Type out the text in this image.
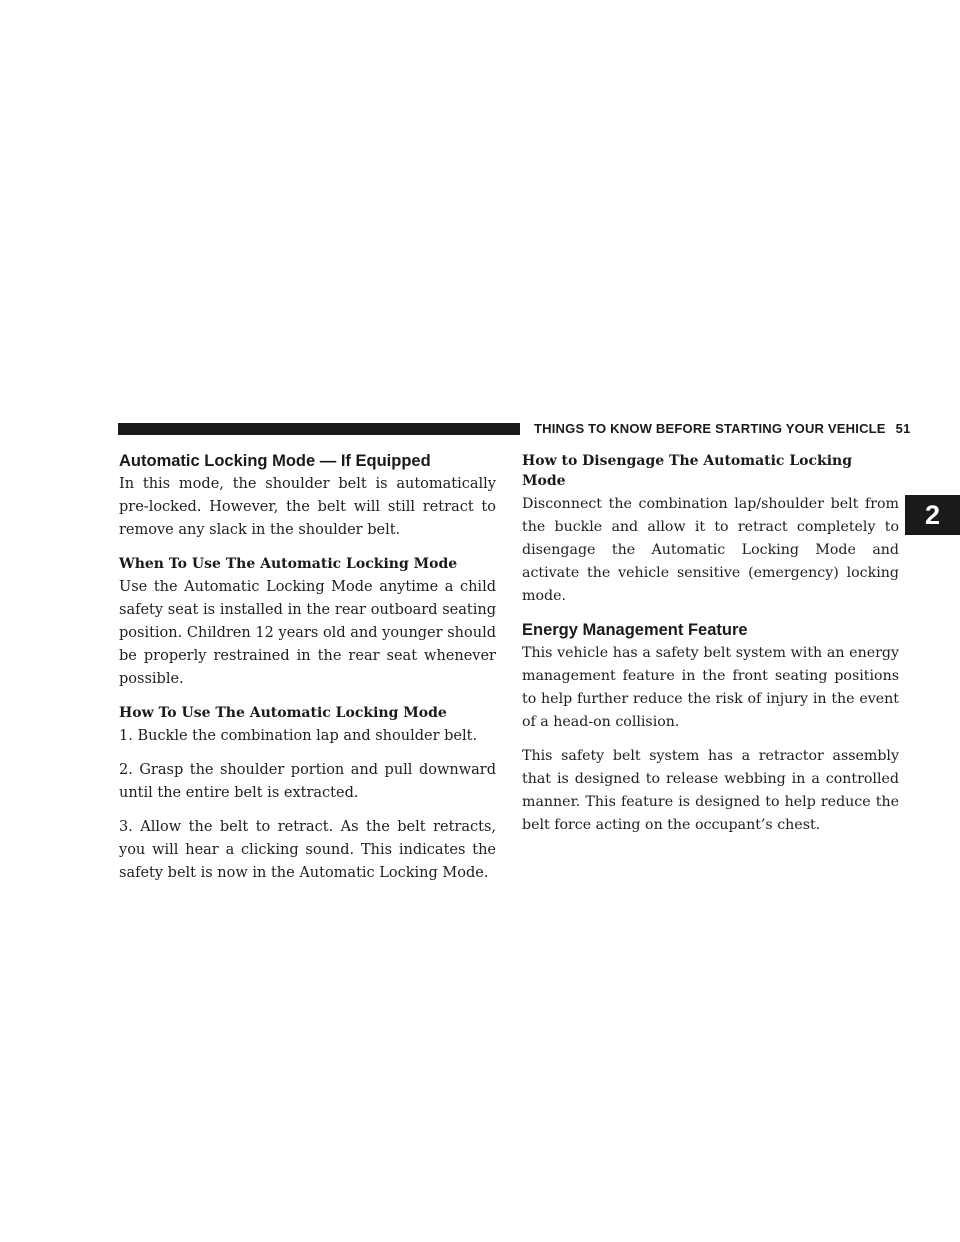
THINGS TO KNOW BEFORE STARTING YOUR VEHICLE 51
2
Automatic Locking Mode — If Equipped

In this mode, the shoulder belt is automatically pre-locked. However, the belt will still retract to remove any slack in the shoulder belt.

When To Use The Automatic Locking Mode

Use the Automatic Locking Mode anytime a child safety seat is installed in the rear outboard seating position. Children 12 years old and younger should be properly restrained in the rear seat whenever possible.

How To Use The Automatic Locking Mode

1. Buckle the combination lap and shoulder belt.

2. Grasp the shoulder portion and pull downward until the entire belt is extracted.

3. Allow the belt to retract. As the belt retracts, you will hear a clicking sound. This indicates the safety belt is now in the Automatic Locking Mode.

How to Disengage The Automatic Locking Mode

Disconnect the combination lap/shoulder belt from the buckle and allow it to retract completely to disengage the Automatic Locking Mode and activate the vehicle sensitive (emergency) locking mode.

Energy Management Feature

This vehicle has a safety belt system with an energy management feature in the front seating positions to help further reduce the risk of injury in the event of a head-on collision.

This safety belt system has a retractor assembly that is designed to release webbing in a controlled manner. This feature is designed to help reduce the belt force acting on the occupant’s chest.
